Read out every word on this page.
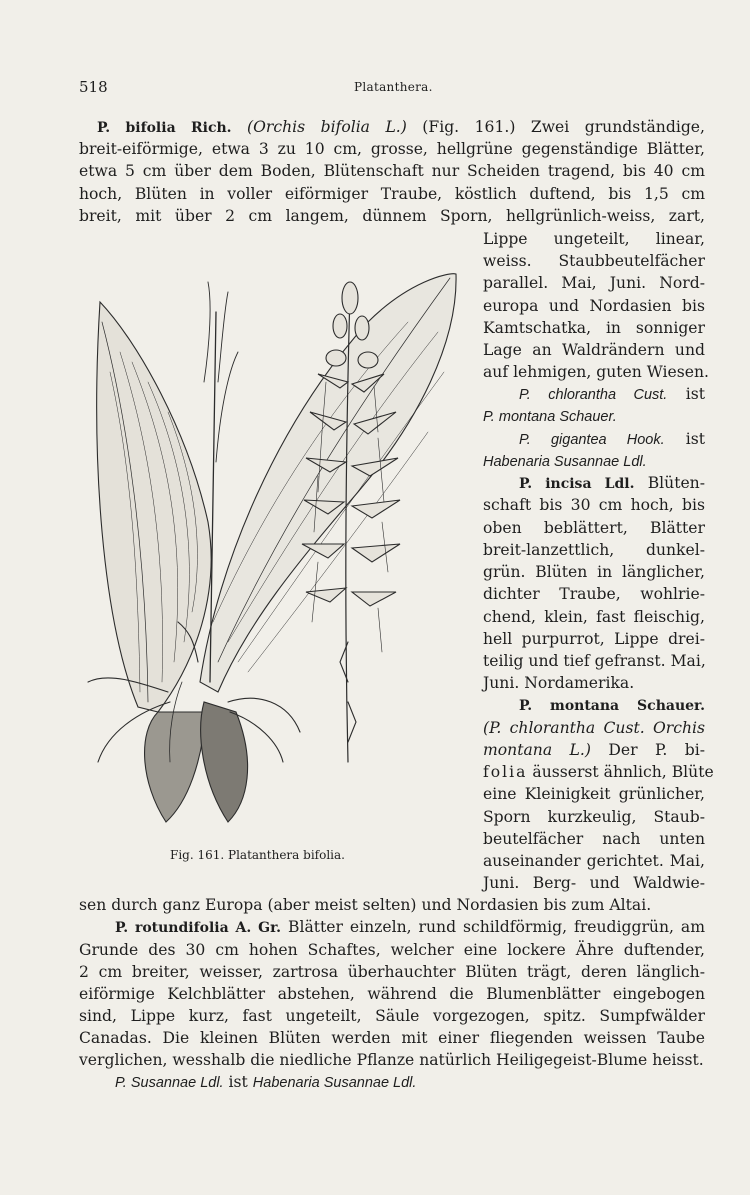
518	Platanthera.
P. bifolia Rich. (Orchis bifolia L.) (Fig. 161.) Zwei grundständige,
breit-eiförmige, etwa 3 zu 10 cm, grosse, hellgrüne gegenständige Blätter,
etwa 5 cm über dem Boden, Blütenschaft nur Scheiden tragend, bis 40 cm
hoch, Blüten in voller eiförmiger Traube, köstlich duftend, bis 1,5 cm
breit, mit über 2 cm langem, dünnem Sporn, hellgrünlich-weiss, zart,
Lippe ungeteilt, linear,
weiss. Staubbeutelfächer
parallel. Mai, Juni. Nord-
europa und Nordasien bis
Kamtschatka, in sonniger
Lage an Waldrändern und
auf lehmigen, guten Wiesen.
P. chlorantha Cust. ist
P. montana Schauer.
P. gigantea Hook. ist
Habenaria Susannae Ldl.
P. incisa Ldl. Blüten-
schaft bis 30 cm hoch, bis
oben beblättert, Blätter
breit-lanzettlich, dunkel-
grün. Blüten in länglicher,
dichter Traube, wohlrie-
chend, klein, fast fleischig,
hell purpurrot, Lippe drei-
teilig und tief gefranst. Mai,
Juni. Nordamerika.
P. montana Schauer.
(P. chlorantha Cust. Orchis
montana L.) Der P. bi-
folia äusserst ähnlich, Blüte
eine Kleinigkeit grünlicher,
Sporn kurzkeulig, Staub-
beutelfächer nach unten
auseinander gerichtet. Mai,
Juni. Berg- und Waldwie-
sen durch ganz Europa (aber meist selten) und Nordasien bis zum Altai.
P. rotundifolia A. Gr. Blätter einzeln, rund schildförmig, freudiggrün, am
Grunde des 30 cm hohen Schaftes, welcher eine lockere Ähre duftender,
2 cm breiter, weisser, zartrosa überhauchter Blüten trägt, deren länglich-
eiförmige Kelchblätter abstehen, während die Blumenblätter eingebogen
sind, Lippe kurz, fast ungeteilt, Säule vorgezogen, spitz. Sumpfwälder
Canadas. Die kleinen Blüten werden mit einer fliegenden weissen Taube
verglichen, wesshalb die niedliche Pflanze natürlich Heiligegeist-Blume heisst.
P. Susannae Ldl. ist Habenaria Susannae Ldl.
Fig. 161. Platanthera bifolia.
